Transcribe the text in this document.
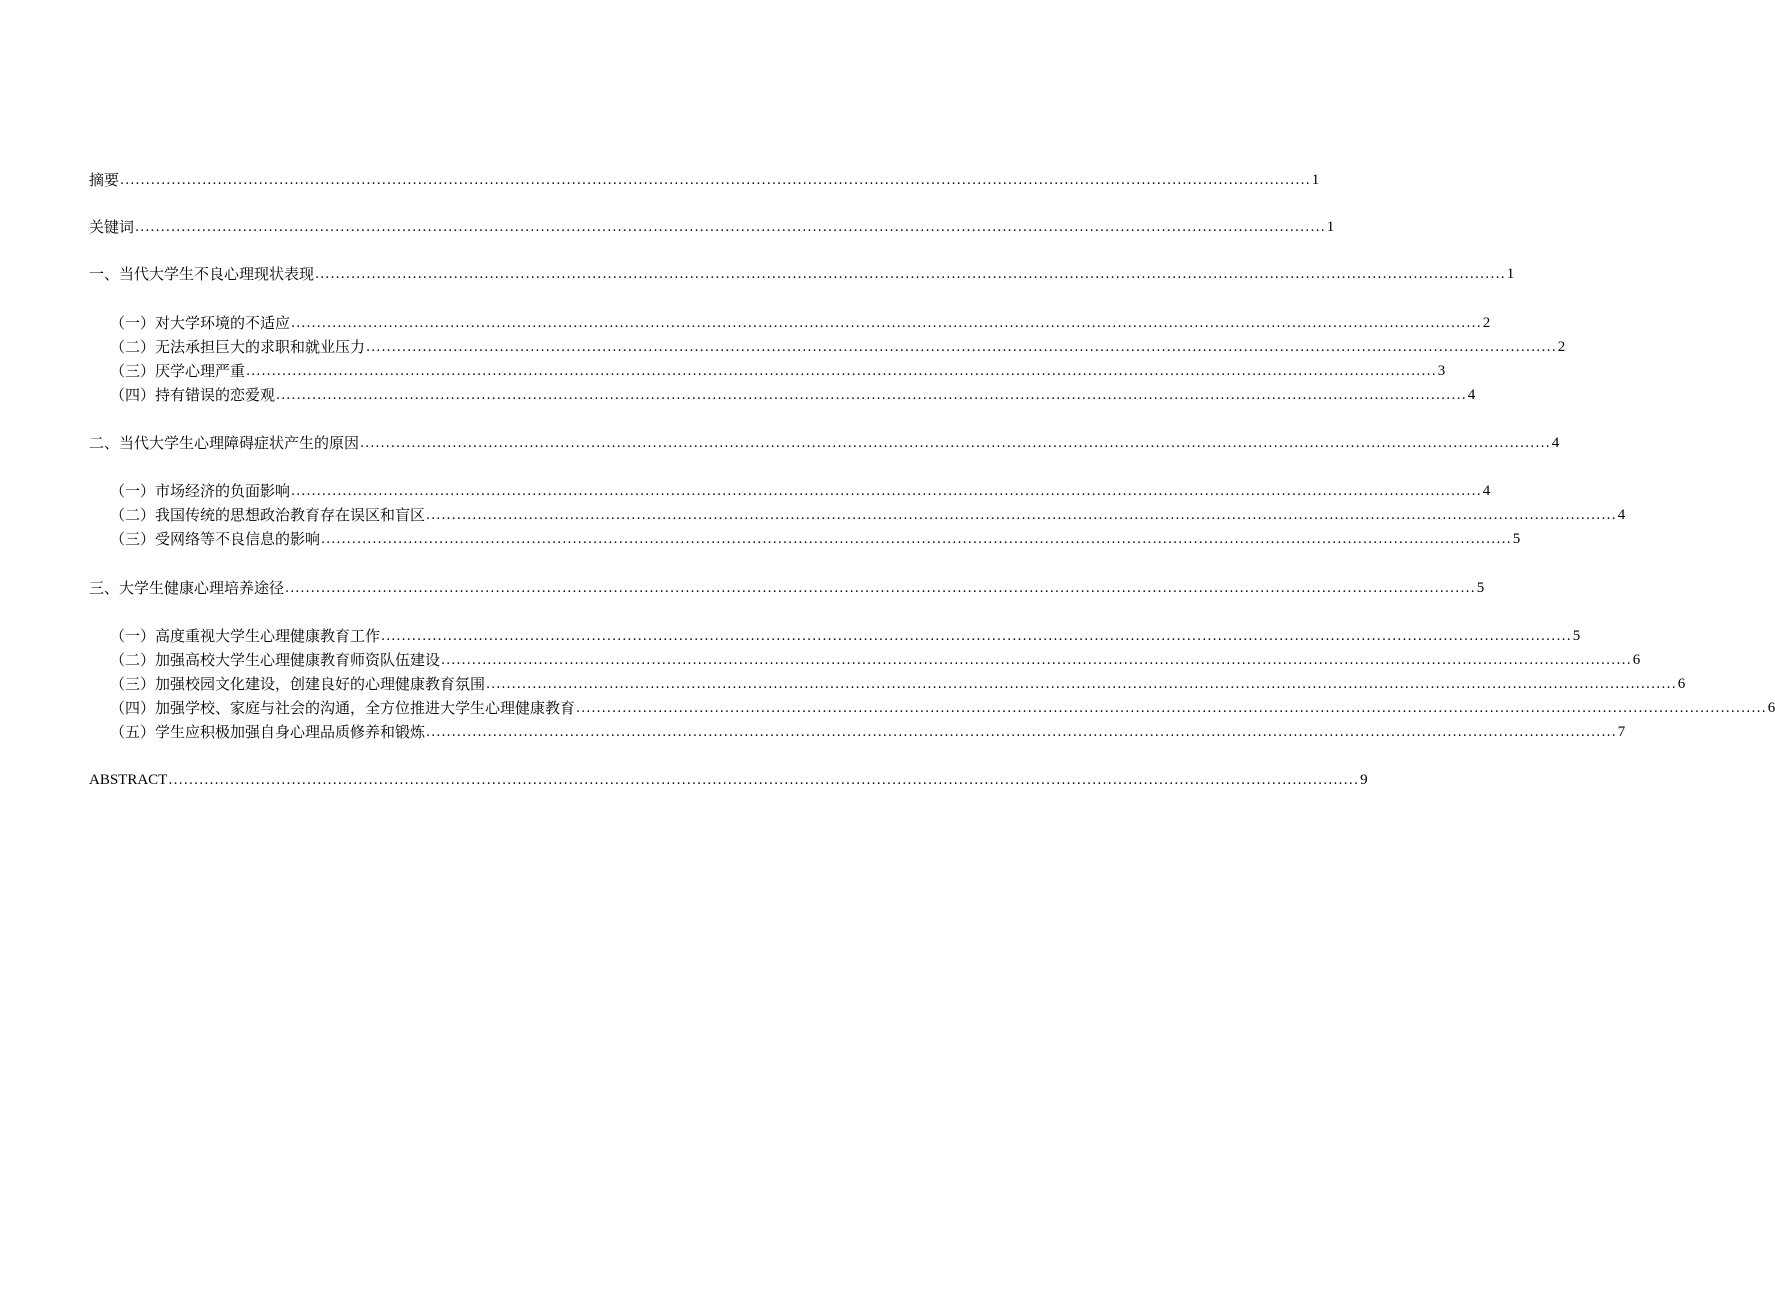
摘要 ........................................................................................................................................................................................................................................ 1
关键词 ........................................................................................................................................................................................................................................ 1
一、当代大学生不良心理现状表现 ........................................................................................................................................................................................................................................ 1
（一）对大学环境的不适应 ........................................................................................................................................................................................................................................ 2
（二）无法承担巨大的求职和就业压力 ........................................................................................................................................................................................................................................ 2
（三）厌学心理严重 ........................................................................................................................................................................................................................................ 3
（四）持有错误的恋爱观 ........................................................................................................................................................................................................................................ 4
二、当代大学生心理障碍症状产生的原因 ........................................................................................................................................................................................................................................ 4
（一）市场经济的负面影响 ........................................................................................................................................................................................................................................ 4
（二）我国传统的思想政治教育存在误区和盲区 ........................................................................................................................................................................................................................................ 4
（三）受网络等不良信息的影响 ........................................................................................................................................................................................................................................ 5
三、大学生健康心理培养途径 ........................................................................................................................................................................................................................................ 5
（一）高度重视大学生心理健康教育工作 ........................................................................................................................................................................................................................................ 5
（二）加强高校大学生心理健康教育师资队伍建设 ........................................................................................................................................................................................................................................ 6
（三）加强校园文化建设，创建良好的心理健康教育氛围 ........................................................................................................................................................................................................................................ 6
（四）加强学校、家庭与社会的沟通，全方位推进大学生心理健康教育 ........................................................................................................................................................................................................................................ 6
（五）学生应积极加强自身心理品质修养和锻炼 ........................................................................................................................................................................................................................................ 7
ABSTRACT ........................................................................................................................................................................................................................................ 9
